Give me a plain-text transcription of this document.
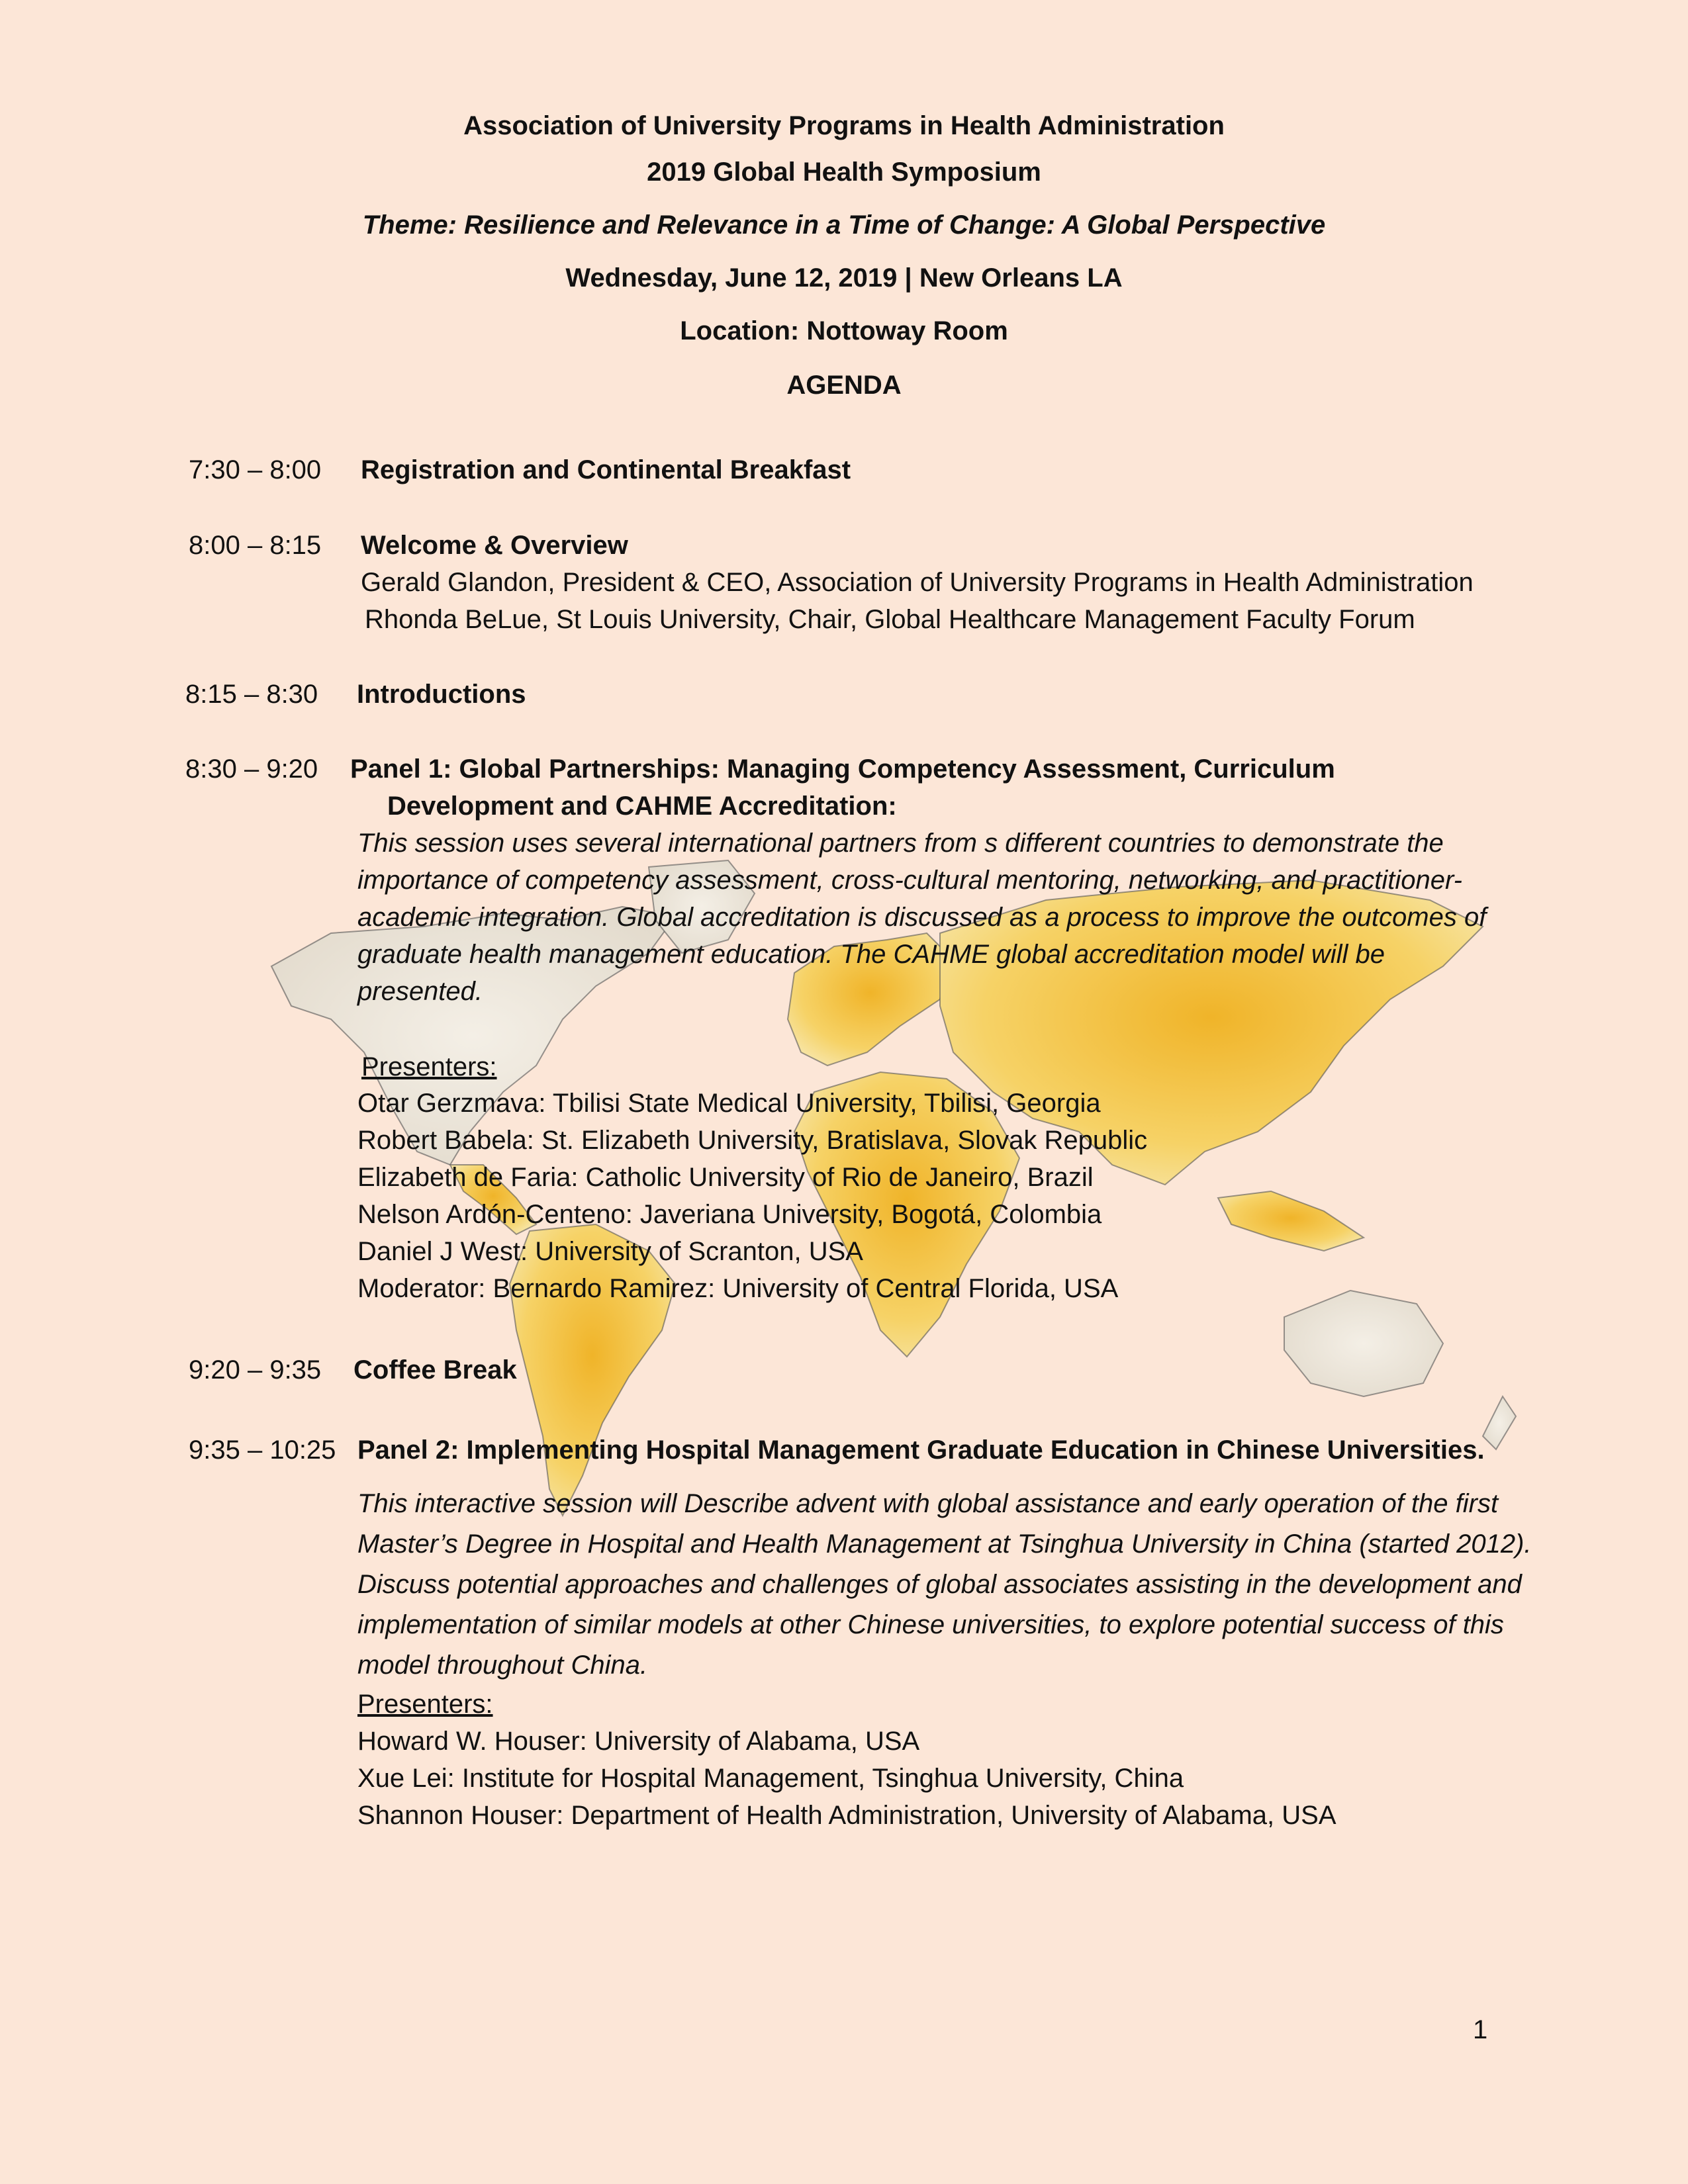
Association of University Programs in Health Administration
2019 Global Health Symposium
Theme: Resilience and Relevance in a Time of Change: A Global Perspective
Wednesday, June 12, 2019 | New Orleans LA
Location: Nottoway Room
AGENDA
7:30 – 8:00 Registration and Continental Breakfast
8:00 – 8:15 Welcome & Overview
Gerald Glandon, President & CEO, Association of University Programs in Health Administration
Rhonda BeLue, St Louis University, Chair, Global Healthcare Management Faculty Forum
8:15 – 8:30 Introductions
8:30 – 9:20 Panel 1: Global Partnerships: Managing Competency Assessment, Curriculum
Development and CAHME Accreditation:
This session uses several international partners from s different countries to demonstrate the
importance of competency assessment, cross-cultural mentoring, networking, and practitioner-
academic integration. Global accreditation is discussed as a process to improve the outcomes of
graduate health management education. The CAHME global accreditation model will be
presented.
Presenters:
Otar Gerzmava: Tbilisi State Medical University, Tbilisi, Georgia
Robert Babela: St. Elizabeth University, Bratislava, Slovak Republic
Elizabeth de Faria: Catholic University of Rio de Janeiro, Brazil
Nelson Ardón-Centeno: Javeriana University, Bogotá, Colombia
Daniel J West: University of Scranton, USA
Moderator: Bernardo Ramirez: University of Central Florida, USA
9:20 – 9:35 Coffee Break
9:35 – 10:25 Panel 2: Implementing Hospital Management Graduate Education in Chinese Universities.
This interactive session will Describe advent with global assistance and early operation of the first
Master’s Degree in Hospital and Health Management at Tsinghua University in China (started 2012).
Discuss potential approaches and challenges of global associates assisting in the development and
implementation of similar models at other Chinese universities, to explore potential success of this
model throughout China.
Presenters:
Howard W. Houser: University of Alabama, USA
Xue Lei: Institute for Hospital Management, Tsinghua University, China
Shannon Houser: Department of Health Administration, University of Alabama, USA
1
